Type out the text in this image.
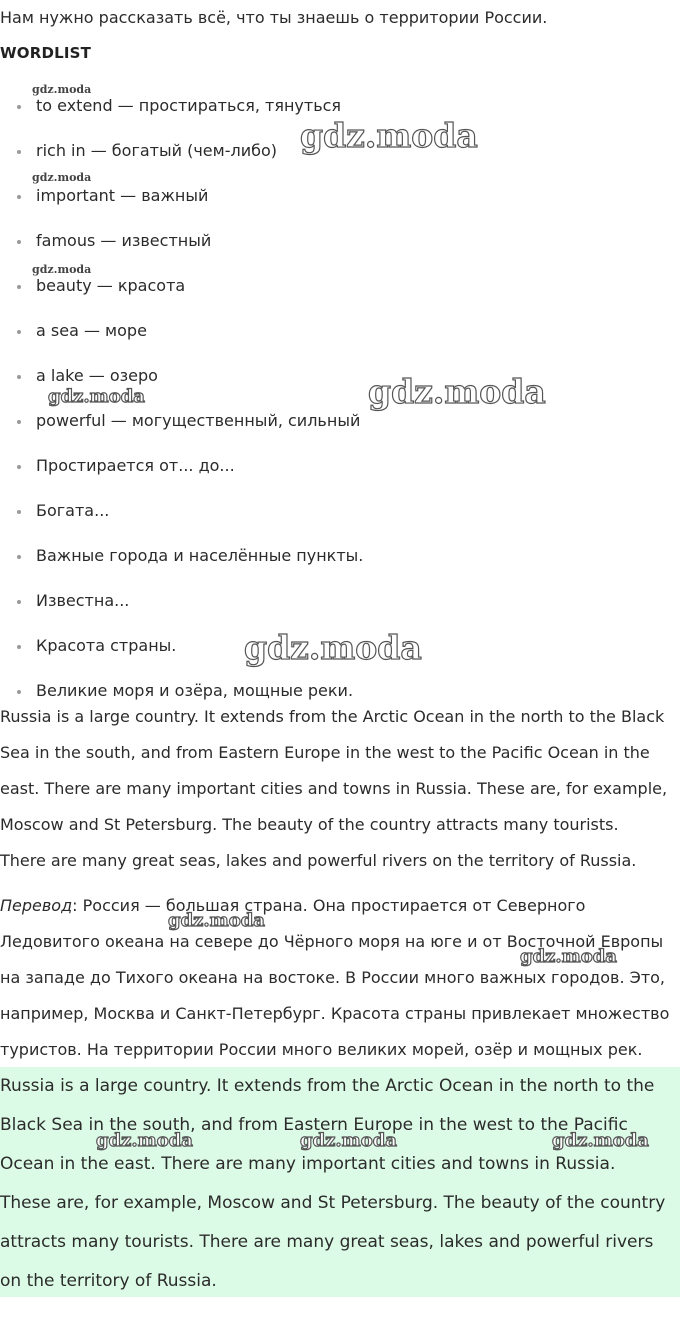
Нам нужно рассказать всё, что ты знаешь о территории России.
WORDLIST
to extend — простираться, тянуться
rich in — богатый (чем-либо)
important — важный
famous — известный
beauty — красота
a sea — море
a lake — озеро
powerful — могущественный, сильный
Простирается от... до...
Богата...
Важные города и населённые пункты.
Известна...
Красота страны.
Великие моря и озёра, мощные реки.

Russia is a large country. It extends from the Arctic Ocean in the north to the Black
Sea in the south, and from Eastern Europe in the west to the Pacific Ocean in the
east. There are many important cities and towns in Russia. These are, for example,
Moscow and St Petersburg. The beauty of the country attracts many tourists.
There are many great seas, lakes and powerful rivers on the territory of Russia.

Перевод: Россия — большая страна. Она простирается от Северного
Ледовитого океана на севере до Чёрного моря на юге и от Восточной Европы
на западе до Тихого океана на востоке. В России много важных городов. Это,
например, Москва и Санкт-Петербург. Красота страны привлекает множество
туристов. На территории России много великих морей, озёр и мощных рек.

Russia is a large country. It extends from the Arctic Ocean in the north to the
Black Sea in the south, and from Eastern Europe in the west to the Pacific
Ocean in the east. There are many important cities and towns in Russia.
These are, for example, Moscow and St Petersburg. The beauty of the country
attracts many tourists. There are many great seas, lakes and powerful rivers
on the territory of Russia.
gdz.moda
gdz.moda
gdz.moda
gdz.moda
gdz.moda
gdz.moda
gdz.moda
gdz.moda
gdz.moda
gdz.moda	gdz.moda	gdz.moda
